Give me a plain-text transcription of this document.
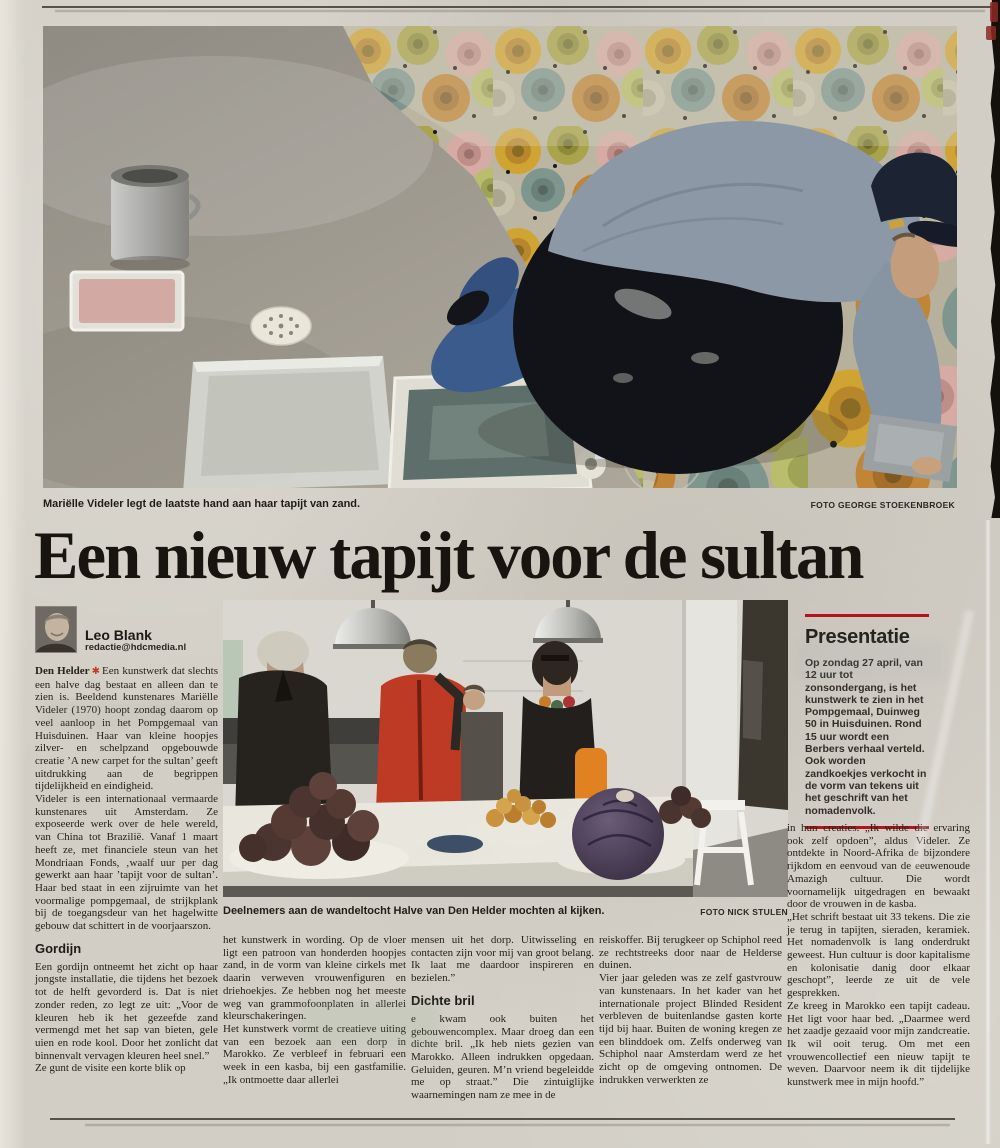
Mariëlle Videler legt de laatste hand aan haar tapijt van zand.	FOTO GEORGE STOEKENBROEK
Een nieuw tapijt voor de sultan
Leo Blank
redactie@hdcmedia.nl

Den Helder ✱ Een kunstwerk dat slechts een halve dag bestaat en alleen dan te zien is. Beeldend kunstenares Mariëlle Videler (1970) hoopt zondag daarom op veel aanloop in het Pompgemaal van Huisduinen. Haar van kleine hoopjes zilver- en schelpzand opgebouwde creatie ’A new carpet for the sultan’ geeft uitdrukking aan de begrippen tijdelijkheid en eindigheid.

Videler is een internationaal vermaarde kunstenares uit Amsterdam. Ze exposeerde werk over de hele wereld, van China tot Brazilië. Vanaf 1 maart heeft ze, met financiele steun van het Mondriaan Fonds, ‚waalf uur per dag gewerkt aan haar ’tapijt voor de sultan’. Haar bed staat in een zijruimte van het voormalige pompgemaal, de strijkplank bij de toegangsdeur van het hagelwitte gebouw dat schittert in de voorjaarszon.

Gordijn

Een gordijn ontneemt het zicht op haar jongste installatie, die tijdens het bezoek tot de helft gevorderd is. Dat is niet zonder reden, zo legt ze uit: „Voor de kleuren heb ik het gezeefde zand vermengd met het sap van bieten, gele uien en rode kool. Door het zonlicht dat binnenvalt vervagen kleuren heel snel.”

Ze gunt de visite een korte blik op

Deelnemers aan de wandeltocht Halve van Den Helder mochten al kijken.	FOTO NICK STULEN

het kunstwerk in wording. Op de vloer ligt een patroon van honderden hoopjes zand, in de vorm van kleine cirkels met daarin verweven vrouwenfiguren en driehoekjes. Ze hebben nog het meeste weg van grammofoonplaten in allerlei kleurschakeringen.

Het kunstwerk vormt de creatieve uiting van een bezoek aan een dorp in Marokko. Ze verbleef in februari een week in een kasba, bij een gastfamilie. „Ik ontmoette daar allerlei

mensen uit het dorp. Uitwisseling en contacten zijn voor mij van groot belang. Ik laat me daardoor inspireren en bezielen.”

Dichte bril

e kwam ook buiten het gebouwencomplex. Maar droeg dan een dichte bril. „Ik heb niets gezien van Marokko. Alleen indrukken opgedaan. Geluiden, geuren. M’n vriend begeleidde me op straat.” Die zintuiglijke waarnemingen nam ze mee in de

reiskoffer. Bij terugkeer op Schiphol reed ze rechtstreeks door naar de Helderse duinen.

Vier jaar geleden was ze zelf gastvrouw van kunstenaars. In het kader van het internationale project Blinded Resident verbleven de buitenlandse gasten korte tijd bij haar. Buiten de woning kregen ze een blinddoek om. Zelfs onderweg van Schiphol naar Amsterdam werd ze het zicht op de omgeving ontnomen. De indrukken verwerkten ze

Presentatie
Op zondag 27 april, van 12 uur tot zonsondergang, is het kunstwerk te zien in het Pompgemaal, Duinweg 50 in Huisduinen. Rond 15 uur wordt een Berbers verhaal verteld. Ook worden zandkoekjes verkocht in de vorm van tekens uit het geschrift van het nomadenvolk.

in hun creaties. „Ik wilde die ervaring ook zelf opdoen”, aldus Videler. Ze ontdekte in Noord-Afrika de bijzondere rijkdom en eenvoud van de eeuwenoude Amazigh cultuur. Die wordt voornamelijk uitgedragen en bewaakt door de vrouwen in de kasba.

„Het schrift bestaat uit 33 tekens. Die zie je terug in tapijten, sieraden, keramiek. Het nomadenvolk is lang onderdrukt geweest. Hun cultuur is door kapitalisme en kolonisatie danig door elkaar geschopt”, leerde ze uit de vele gesprekken.

Ze kreeg in Marokko een tapijt cadeau. Het ligt voor haar bed. „Daarmee werd het zaadje gezaaid voor mijn zandcreatie. Ik wil ooit terug. Om met een vrouwencollectief een nieuw tapijt te weven. Daarvoor neem ik dit tijdelijke kunstwerk mee in mijn hoofd.”
